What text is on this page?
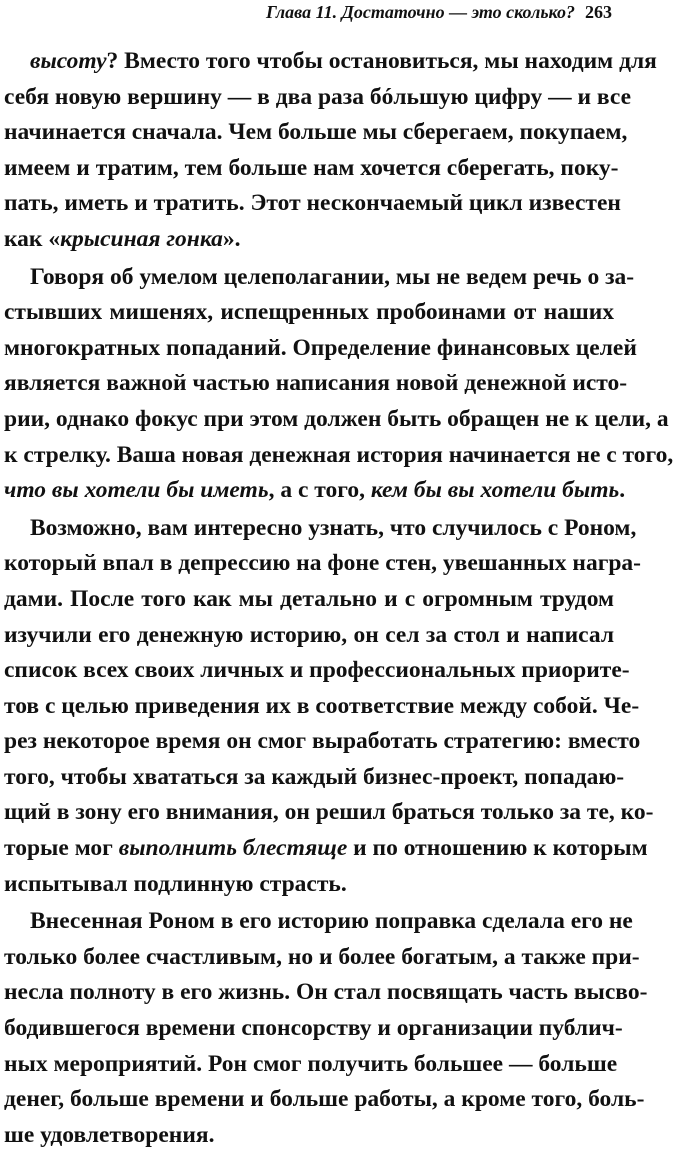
Глава 11. Достаточно — это сколько? 263
высоту? Вместо того чтобы остановиться, мы находим для
себя новую вершину — в два раза бóльшую цифру — и все
начинается сначала. Чем больше мы сберегаем, покупаем,
имеем и тратим, тем больше нам хочется сберегать, поку-
пать, иметь и тратить. Этот нескончаемый цикл известен
как «крысиная гонка».
Говоря об умелом целеполагании, мы не ведем речь о за-
стывших мишенях, испещренных пробоинами от наших
многократных попаданий. Определение финансовых целей
является важной частью написания новой денежной исто-
рии, однако фокус при этом должен быть обращен не к цели, а
к стрелку. Ваша новая денежная история начинается не с того,
что вы хотели бы иметь, а с того, кем бы вы хотели быть.
Возможно, вам интересно узнать, что случилось с Роном,
который впал в депрессию на фоне стен, увешанных награ-
дами. После того как мы детально и с огромным трудом
изучили его денежную историю, он сел за стол и написал
список всех своих личных и профессиональных приорите-
тов с целью приведения их в соответствие между собой. Че-
рез некоторое время он смог выработать стратегию: вместо
того, чтобы хвататься за каждый бизнес-проект, попадаю-
щий в зону его внимания, он решил браться только за те, ко-
торые мог выполнить блестяще и по отношению к которым
испытывал подлинную страсть.
Внесенная Роном в его историю поправка сделала его не
только более счастливым, но и более богатым, а также при-
несла полноту в его жизнь. Он стал посвящать часть высво-
бодившегося времени спонсорству и организации публич-
ных мероприятий. Рон смог получить большее — больше
денег, больше времени и больше работы, а кроме того, боль-
ше удовлетворения.
